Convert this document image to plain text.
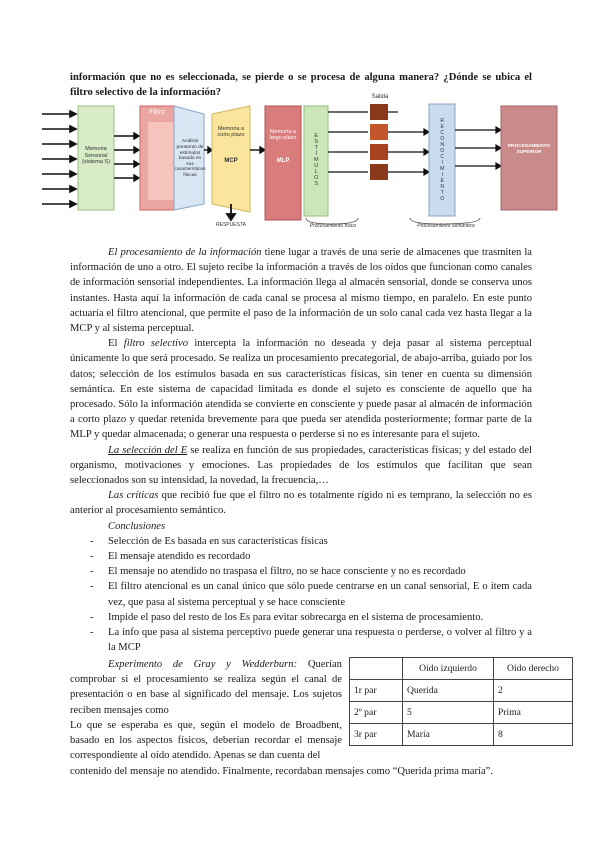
información que no es seleccionada, se pierde o se procesa de alguna manera? ¿Dónde se ubica el filtro selectivo de la información?

Memoria Sensorial (sistema S)
Filtro
Análisis preatento de estímulos basado en sus características físicas
Memoria a corto plazo
MCP
RESPUESTA
Memoria a largo plazo
MLP	ESTÍMULOS
Salida
RECONOCIMIENTO	PROCESAMIENTO SUPERIOR
Procesamiento físico	Procesamiento semántico

El procesamiento de la información tiene lugar a través de una serie de almacenes que trasmiten la información de uno a otro. El sujeto recibe la información a través de los oídos que funcionan como canales de información sensorial independientes. La información llega al almacén sensorial, donde se conserva unos instantes. Hasta aquí la información de cada canal se procesa al mismo tiempo, en paralelo. En este punto actuaría el filtro atencional, que permite el paso de la información de un solo canal cada vez hasta llegar a la MCP y al sistema perceptual.

El filtro selectivo intercepta la información no deseada y deja pasar al sistema perceptual únicamente lo que será procesado. Se realiza un procesamiento precategorial, de abajo-arriba, guiado por los datos; selección de los estímulos basada en sus características físicas, sin tener en cuenta su dimensión semántica. En este sistema de capacidad limitada es donde el sujeto es consciente de aquello que ha procesado. Sólo la información atendida se convierte en consciente y puede pasar al almacén de información a corto plazo y quedar retenida brevemente para que pueda ser atendida posteriormente; formar parte de la MLP y quedar almacenada; o generar una respuesta o perderse si no es interesante para el sujeto.

La selección del E se realiza en función de sus propiedades, características físicas; y del estado del organismo, motivaciones y emociones. Las propiedades de los estímulos que facilitan que sean seleccionados son su intensidad, la novedad, la frecuencia,…

Las críticas que recibió fue que el filtro no es totalmente rígido ni es temprano, la selección no es anterior al procesamiento semántico.

Conclusiones

- Selección de Es basada en sus características físicas
- El mensaje atendido es recordado
- El mensaje no atendido no traspasa el filtro, no se hace consciente y no es recordado
- El filtro atencional es un canal único que sólo puede centrarse en un canal sensorial, E o ítem cada vez, que pasa al sistema perceptual y se hace consciente
- Impide el paso del resto de los Es para evitar sobrecarga en el sistema de procesamiento.
- La info que pasa al sistema perceptivo puede generar una respuesta o perderse, o volver al filtro y a la MCP

Experimento de Gray y Wedderburn: Querían comprobar si el procesamiento se realiza según el canal de presentación o en base al significado del mensaje. Los sujetos reciben mensajes como

Lo que se esperaba es que, según el modelo de Broadbent, basado en los aspectos físicos, deberían recordar el mensaje correspondiente al oído atendido. Apenas se dan cuenta del

contenido del mensaje no atendido. Finalmente, recordaban mensajes como “Querida prima maría”.

	Oído izquierdo	Oído derecho
1r par	Querida	2
2º par	5	Prima
3r par	María	8
